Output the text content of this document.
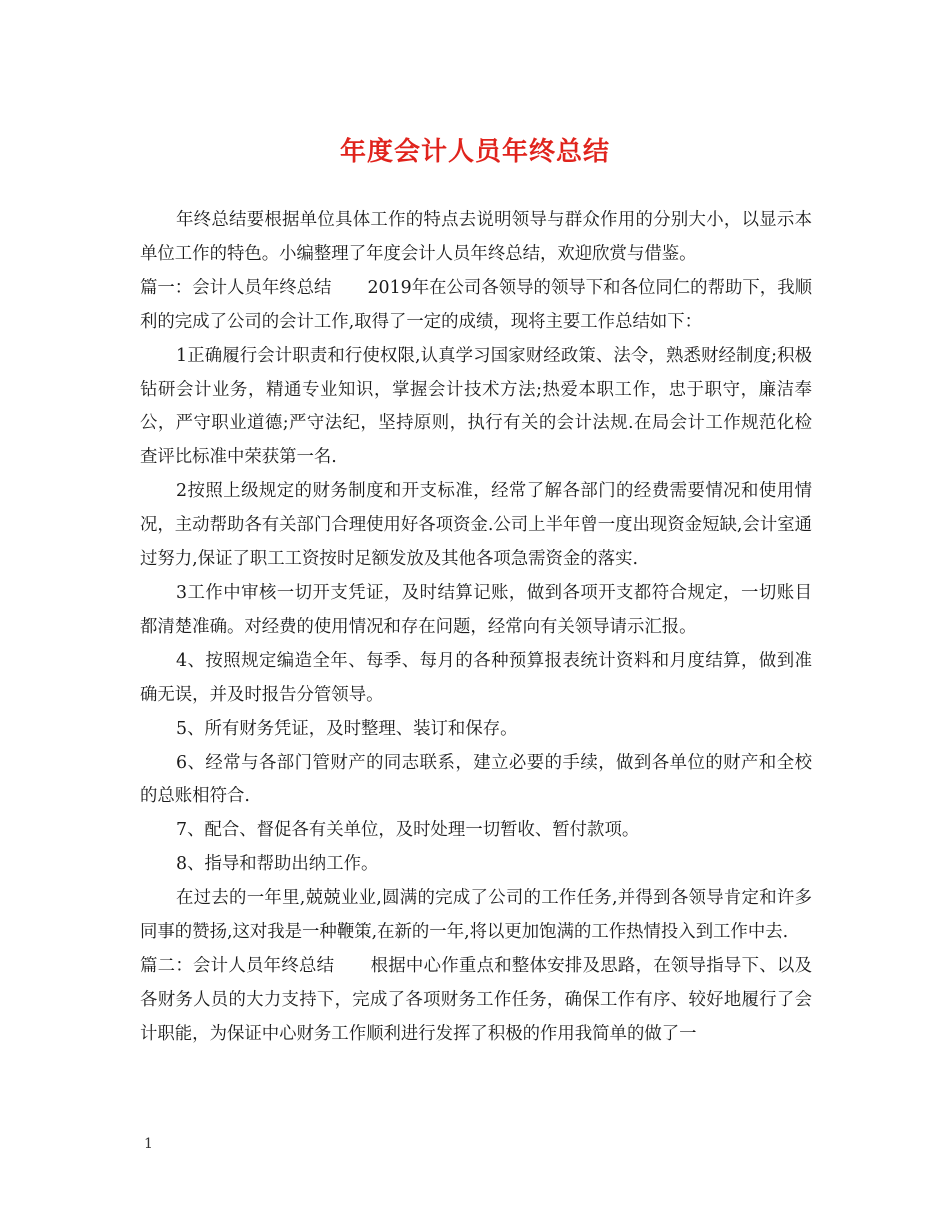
年度会计人员年终总结

年终总结要根据单位具体工作的特点去说明领导与群众作用的分别大小，以显示本单位工作的特色。小编整理了年度会计人员年终总结，欢迎欣赏与借鉴。

篇一：会计人员年终总结 2019年在公司各领导的领导下和各位同仁的帮助下，我顺利的完成了公司的会计工作,取得了一定的成绩，现将主要工作总结如下：

1正确履行会计职责和行使权限,认真学习国家财经政策、法令，熟悉财经制度;积极钻研会计业务，精通专业知识，掌握会计技术方法;热爱本职工作，忠于职守，廉洁奉公，严守职业道德;严守法纪，坚持原则，执行有关的会计法规.在局会计工作规范化检查评比标准中荣获第一名.

2按照上级规定的财务制度和开支标准，经常了解各部门的经费需要情况和使用情况，主动帮助各有关部门合理使用好各项资金.公司上半年曾一度出现资金短缺,会计室通过努力,保证了职工工资按时足额发放及其他各项急需资金的落实.

3工作中审核一切开支凭证，及时结算记账，做到各项开支都符合规定，一切账目都清楚准确。对经费的使用情况和存在问题，经常向有关领导请示汇报。

4、按照规定编造全年、每季、每月的各种预算报表统计资料和月度结算，做到准确无误，并及时报告分管领导。

5、所有财务凭证，及时整理、装订和保存。

6、经常与各部门管财产的同志联系，建立必要的手续，做到各单位的财产和全校的总账相符合.

7、配合、督促各有关单位，及时处理一切暂收、暂付款项。

8、指导和帮助出纳工作。

在过去的一年里,兢兢业业,圆满的完成了公司的工作任务,并得到各领导肯定和许多同事的赞扬,这对我是一种鞭策,在新的一年,将以更加饱满的工作热情投入到工作中去.

篇二：会计人员年终总结 根据中心作重点和整体安排及思路，在领导指导下、以及各财务人员的大力支持下，完成了各项财务工作任务，确保工作有序、较好地履行了会计职能，为保证中心财务工作顺利进行发挥了积极的作用我简单的做了一

1
